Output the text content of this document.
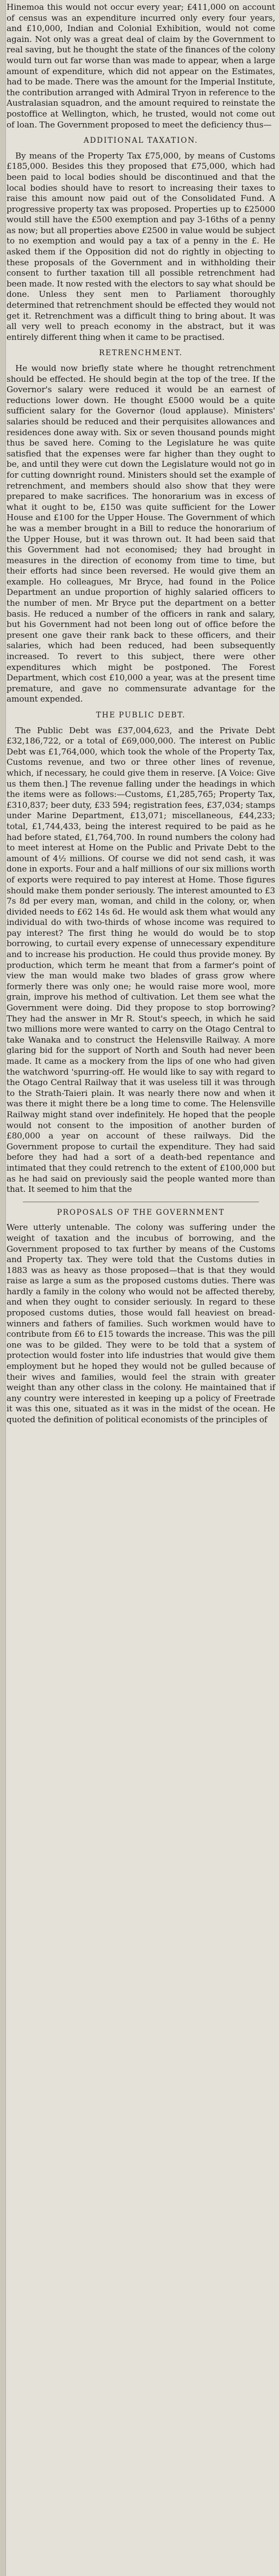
Hinemoa this would not occur every year; £411,000 on account of census was an expenditure incurred only every four years, and £10,000, Indian and Colonial Exhibition, would not come again. Not only was a great deal of claim by the Government to real saving, but he thought the state of the finances of the colony would turn out far worse than was made to appear, when a large amount of expenditure, which did not appear on the Estimates, had to be made. There was the amount for the Imperial Institute, the contribution arranged with Admiral Tryon in reference to the Australasian squadron, and the amount required to reinstate the postoffice at Wellington, which, he trusted, would not come out of loan. The Government proposed to meet the deficiency thus—

ADDITIONAL TAXATION.

By means of the Property Tax £75,000, by means of Customs £185,000. Besides this they proposed that £75,000, which had been paid to local bodies should be discontinued and that the local bodies should have to resort to increasing their taxes to raise this amount now paid out of the Consolidated Fund. A progressive property tax was proposed. Properties up to £25000 would still have the £500 exemption and pay 3-16ths of a penny as now; but all properties above £2500 in value would be subject to no exemption and would pay a tax of a penny in the £. He asked them if the Opposition did not do rightly in objecting to these proposals of the Government and in withholding their consent to further taxation till all possible retrenchment had been made. It now rested with the electors to say what should be done. Unless they sent men to Parliament thoroughly determined that retrenchment should be effected they would not get it. Retrenchment was a difficult thing to bring about. It was all very well to preach economy in the abstract, but it was entirely different thing when it came to be practised.

RETRENCHMENT.

He would now briefly state where he thought retrenchment should be effected. He should begin at the top of the tree. If the Governor's salary were reduced it would be an earnest of reductions lower down. He thought £5000 would be a quite sufficient salary for the Governor (loud applause). Ministers' salaries should be reduced and their perquisites allowances and residences done away with. Six or seven thousand pounds might thus be saved here. Coming to the Legislature he was quite satisfied that the expenses were far higher than they ought to be, and until they were cut down the Legislature would not go in for cutting downright round. Ministers should set the example of retrenchment, and members should also show that they were prepared to make sacrifices. The honorarium was in excess of what it ought to be, £150 was quite sufficient for the Lower House and £100 for the Upper House. The Government of which he was a member brought in a Bill to reduce the honorarium of the Upper House, but it was thrown out. It had been said that this Government had not economised; they had brought in measures in the direction of economy from time to time, but their efforts had since been reversed. He would give them an example. Ho colleagues, Mr Bryce, had found in the Police Department an undue proportion of highly salaried officers to the number of men. Mr Bryce put the department on a better basis. He reduced a number of the officers in rank and salary, but his Government had not been long out of office before the present one gave their rank back to these officers, and their salaries, which had been reduced, had been subsequently increased. To revert to this subject, there were other expenditures which might be postponed. The Forest Department, which cost £10,000 a year, was at the present time premature, and gave no commensurate advantage for the amount expended.

THE PUBLIC DEBT.

The Public Debt was £37,004,623, and the Private Debt £32,186,722, or a total of £69,000,000. The interest on Public Debt was £1,764,000, which took the whole of the Property Tax, Customs revenue, and two or three other lines of revenue, which, if necessary, he could give them in reserve. [A Voice: Give us them then.] The revenue falling under the headings in which the items were as follows:—Customs, £1,285,765; Property Tax, £310,837; beer duty, £33 594; registration fees, £37,034; stamps under Marine Department, £13,071; miscellaneous, £44,233; total, £1,744,433, being the interest required to be paid as he had before stated, £1,764,700. In round numbers the colony had to meet interest at Home on the Public and Private Debt to the amount of 4½ millions. Of course we did not send cash, it was done in exports. Four and a half millions of our six millions worth of exports were required to pay interest at Home. Those figures should make them ponder seriously. The interest amounted to £3 7s 8d per every man, woman, and child in the colony, or, when divided needs to £62 14s 6d. He would ask them what would any individual do with two-thirds of whose income was required to pay interest? The first thing he would do would be to stop borrowing, to curtail every expense of unnecessary expenditure and to increase his production. He could thus provide money. By production, which term he meant that from a farmer's point of view the man would make two blades of grass grow where formerly there was only one; he would raise more wool, more grain, improve his method of cultivation. Let them see what the Government were doing. Did they propose to stop borrowing? They had the answer in Mr R. Stout's speech, in which he said two millions more were wanted to carry on the Otago Central to take Wanaka and to construct the Helensville Railway. A more glaring bid for the support of North and South had never been made. It came as a mockery from the lips of one who had given the watchword 'spurring-off. He would like to say with regard to the Otago Central Railway that it was useless till it was through to the Strath-Taieri plain. It was nearly there now and when it was there it might there be a long time to come. The Helensville Railway might stand over indefinitely. He hoped that the people would not consent to the imposition of another burden of £80,000 a year on account of these railways. Did the Government propose to curtail the expenditure. They had said before they had had a sort of a death-bed repentance and intimated that they could retrench to the extent of £100,000 but as he had said on previously said the people wanted more than that. It seemed to him that the

PROPOSALS OF THE GOVERNMENT

Were utterly untenable. The colony was suffering under the weight of taxation and the incubus of borrowing, and the Government proposed to tax further by means of the Customs and Property tax. They were told that the Customs duties in 1883 was as heavy as those proposed—that is that they would raise as large a sum as the proposed customs duties. There was hardly a family in the colony who would not be affected thereby, and when they ought to consider seriously. In regard to these proposed customs duties, those would fall heaviest on bread-winners and fathers of families. Such workmen would have to contribute from £6 to £15 towards the increase. This was the pill one was to be gilded. They were to be told that a system of protection would foster into life industries that would give them employment but he hoped they would not be gulled because of their wives and families, would feel the strain with greater weight than any other class in the colony. He maintained that if any country were interested in keeping up a policy of Freetrade it was this one, situated as it was in the midst of the ocean. He quoted the definition of political economists of the principles of
